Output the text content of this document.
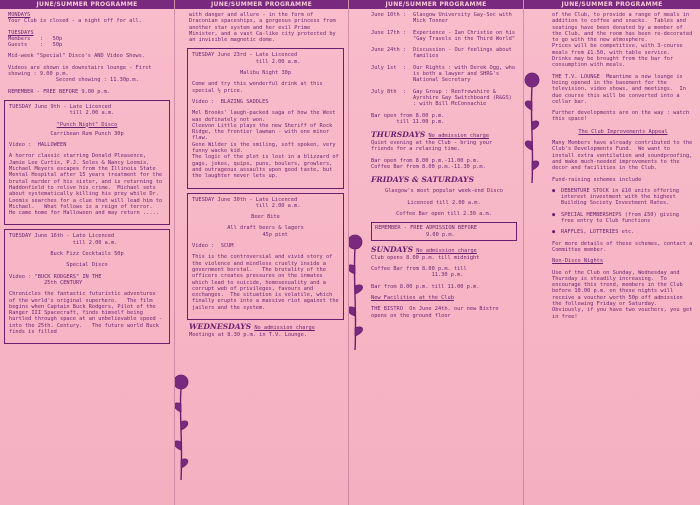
JUNE/SUMMER PROGRAMME
MONDAYS
Your Club is closed - a night off for all.
TUESDAYS
Members   :   50p
Guests    :   50p
Mid-week "Special" Disco's AND Video Shows.
Videos are shown in downstairs lounge - First showing : 9.00 p.m.
Second showing : 11.30p.m.
REMEMBER - FREE BEFORE 9.00 p.m.
TUESDAY June 9th - Late Licenced
till 2.00 a.m.
"Punch Night" Disco
Carribean Rum Punch 30p
Video :  HALLOWEEN
A horror classic starring Donald Pleasence, Jamie Lee Curtis, P.J. Soles & Nancy Loomis.   Michael Meyers escapes from the Illinois State Mental Hospital after 15 years treatment for the brutal murder of his sister, and is returning to Haddonfield to relive his crime.  Michael sets about systematically killing his prey while Dr. Loomis searches for a clue that will lead him to Michael.   What follows is a reign of terror.  He came home for Halloween and may return .....
TUESDAY June 16th - Late Licenced
till 2.00 a.m.
Buck Fizz Cocktails 50p
Special Disco
Video : "BUCK RODGERS" IN THE
25th CENTURY
Chronicles the fantastic futuristic adventures of the world's original superhero.   The film begins when Captain Buck Rodgers, Pilot of the Ranger III Spacecraft, finds himself being hurtled through space at an unbelievable speed - into the 25th. Century.   The future world Buck finds is filled
JUNE/SUMMER PROGRAMME
with danger and allure - in the form of Draconian spaceships, a gorgeous princess from another star system and her evil Prime Minister, and a vast Ca-like city protected by an invisible magnetic dome.
TUESDAY June 23rd - Late Licenced
till 2.00 a.m.
Malibu Night 30p
Come and try this wonderful drink at this special ½ price.
Video :  BLAZING SADDLES
Mel Brooks' laugh-packed saga of how the West was definately not won.
Cleevon Little plays the new Sheriff of Rock Ridge, the frontier lawman - with one minor flaw.
Gene Wilder is the smiling, soft spoken, very funny wacko kid.
The logic of the plot is lost in a blizzard of gags, jokes, quips, puns, boulers, growlers, and outrageous assaults upon good taste, but the laughter never lets up.
TUESDAY June 30th - Late Licenced
till 2.00 a.m.
Beer Bite
All draft beers & lagers
45p pint
Video :  SCUM
This is the controversial and vivid story of the violence and mindless cruelty inside a government borstal.   The brutality of the officers creates pressures on the inmates which lead to suicide, homosexuality and a corrupt web of privileges, favours and exchanges.  The situation is volatile, which finally erupts into a massive riot against the jailers and the system.
WEDNESDAYS No admission charge
Meetings at 8.30 p.m. in T.V. Lounge.
JUNE/SUMMER PROGRAMME
June 10th :	Glasgow University Gay-Soc with Mick Tonner
June 17th :	Experience - Ian Christie on his "Gay Travels in the Third World"
June 24th :	Discussion - Our feelings about families
July 1st  :	Our Rights : with Derek Ogg, who is both a lawyer and SHRG's National Secretary
July 8th  :	Gay Group : Renfrewshire & Ayrshire Gay Switchboard (R&GS) : with Bill McConnachie
Bar open from 8.00 p.m.
till 11.00 p.m.
THURSDAYS No admission charge
Quiet evening at the Club - bring your friends for a relaxing time.
Bar open from 8.00 p.m.-11.00 p.m.
Coffee Bar from 8.00 p.m.-11.30 p.m.
FRIDAYS & SATURDAYS
Glasgow's most popular week-end Disco
Licenced till 2.00 a.m.
Coffee Bar open till 2.30 a.m.
REMEMBER - FREE ADMISSION BEFORE
9.00 p.m.
SUNDAYS No admission charge
Club opens 8.00 p.m. till midnight
Coffee Bar from 8.00 p.m. till
11.30 p.m.
Bar from 8.00 p.m. till 11.00 p.m.
New Facilities at the Club
THE BISTRO  On June 24th. our new Bistro opens on the ground floor
JUNE/SUMMER PROGRAMME
of the Club, to provide a range of meals in addition to coffee and snacks.  Tables and seatings have been donated by a member of the Club, and the room has been re-decorated to go with the new atmosphere.
Prices will be competitive, with 3-course meals from £1.50, with table service.  Drinks may be brought from the bar for consumption with meals.
THE T.V. LOUNGE  Meantime a new lounge is being opened in the basement for the television, video shows, and meetings.  In due course this will be converted into a cellar bar.
Further developments are on the way : watch this space!
The Club Improvements Appeal
Many Members have already contributed to the Club's Developments Fund.  We want to install extra ventilation and soundproofing, and make much-needed improvements to the decor and facilities in the Club.
Fund-raising schemes include
●	DEBENTURE STOCK in £10 units offering interest investment with the highest Building Society Investment Rates.
●	SPECIAL MEMBERSHIPS (from £50) giving free entry to Club functions
●	RAFFLES, LOTTERIES etc.
For more details of these schemes, contact a Committee member.
Non-Disco Nights
Use of the Club on Sunday, Wednesday and Thursday is steadily increasing.  To encourage this trend, members in the Club before 10.00 p.m. on these nights will receive a voucher worth 50p off admission the following Friday or Saturday.  Obviously, if you have two vouchers, you get in free!
